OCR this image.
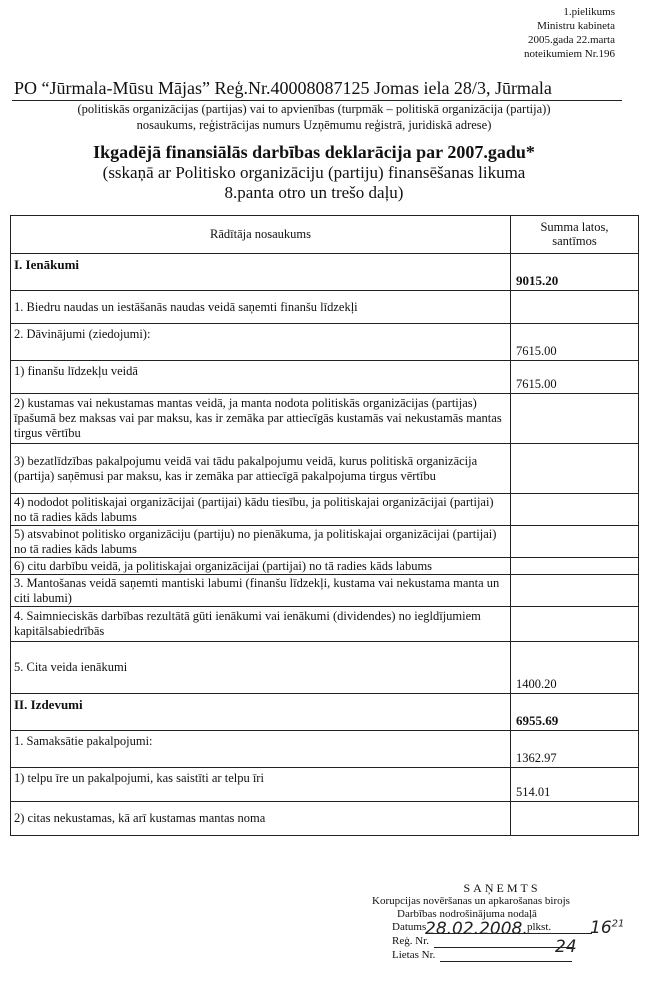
1.pielikums
Ministru kabineta
2005.gada 22.marta
noteikumiem Nr.196
PO “Jūrmala-Mūsu Mājas” Reģ.Nr.40008087125 Jomas iela 28/3, Jūrmala
(politiskās organizācijas (partijas) vai to apvienības (turpmāk – politiskā organizācija (partija))
nosaukums, reģistrācijas numurs Uzņēmumu reģistrā, juridiskā adrese)
Ikgadējā finansiālās darbības deklarācija par 2007.gadu*
(sskaņā ar Politisko organizāciju (partiju) finansēšanas likuma
8.panta otro un trešo daļu)
Rādītāja nosaukums	Summa latos,
santīmos

I. Ienākumi	9015.20
1. Biedru naudas un iestāšanās naudas veidā saņemti finanšu līdzekļi	
2. Dāvinājumi (ziedojumi):	7615.00
1) finanšu līdzekļu veidā	7615.00
2) kustamas vai nekustamas mantas veidā, ja manta nodota politiskās organizācijas (partijas) īpašumā bez maksas vai par maksu, kas ir zemāka par attiecīgās kustamās vai nekustamās mantas tirgus vērtību	
3) bezatlīdzības pakalpojumu veidā vai tādu pakalpojumu veidā, kurus politiskā organizācija (partija) saņēmusi par maksu, kas ir zemāka par attiecīgā pakalpojuma tirgus vērtību	
4) nododot politiskajai organizācijai (partijai) kādu tiesību, ja politiskajai organizācijai (partijai) no tā radies kāds labums	
5) atsvabinot politisko organizāciju (partiju) no pienākuma, ja politiskajai organizācijai (partijai) no tā radies kāds labums	
6) citu darbību veidā, ja politiskajai organizācijai (partijai) no tā radies kāds labums	
3. Mantošanas veidā saņemti mantiski labumi (finanšu līdzekļi, kustama vai nekustama manta un citi labumi)	
4. Saimnieciskās darbības rezultātā gūti ienākumi vai ienākumi (dividendes) no iegldījumiem kapitālsabiedrībās	
5. Cita veida ienākumi	1400.20
II. Izdevumi	6955.69
1. Samaksātie pakalpojumi:	1362.97
1) telpu īre un pakalpojumi, kas saistīti ar telpu īri	514.01
2) citas nekustamas, kā arī kustamas mantas noma	
SAŅEMTS
Korupcijas novēršanas un apkarošanas birojs
Darbības nodrošinājuma nodaļā
Datums	plkst.
Reģ. Nr.
Lietas Nr.
28.02.2008.	$16^{21}$
24
